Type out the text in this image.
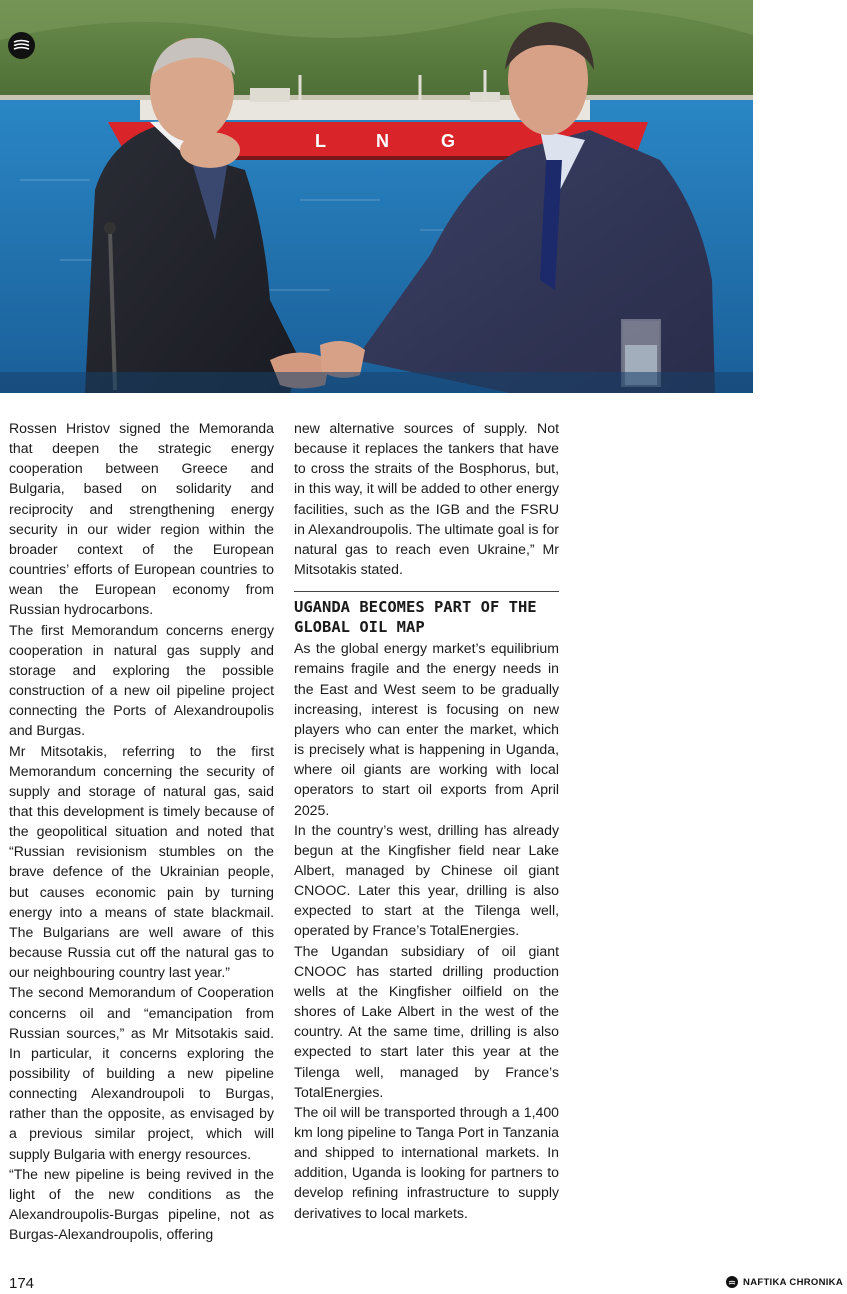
L	N	G

Rossen Hristov signed the Memoranda that deepen the strategic energy cooperation between Greece and Bulgaria, based on solidarity and reciprocity and strengthening energy security in our wider region within the broader context of the European countries’ efforts of European countries to wean the European economy from Russian hydrocarbons.

The first Memorandum concerns energy cooperation in natural gas supply and storage and exploring the possible construction of a new oil pipeline project connecting the Ports of Alexandroupolis and Burgas.

Mr Mitsotakis, referring to the first Memorandum concerning the security of supply and storage of natural gas, said that this development is timely because of the geopolitical situation and noted that “Russian revisionism stumbles on the brave defence of the Ukrainian people, but causes economic pain by turning energy into a means of state blackmail. The Bulgarians are well aware of this because Russia cut off the natural gas to our neighbouring country last year.”

The second Memorandum of Cooperation concerns oil and “emancipation from Russian sources,” as Mr Mitsotakis said. In particular, it concerns exploring the possibility of building a new pipeline connecting Alexandroupoli to Burgas, rather than the opposite, as envisaged by a previous similar project, which will supply Bulgaria with energy resources.

“The new pipeline is being revived in the light of the new conditions as the Alexandroupolis-Burgas pipeline, not as Burgas-Alexandroupolis, offering

new alternative sources of supply. Not because it replaces the tankers that have to cross the straits of the Bosphorus, but, in this way, it will be added to other energy facilities, such as the IGB and the FSRU in Alexandroupolis. The ultimate goal is for natural gas to reach even Ukraine,” Mr Mitsotakis stated.

UGANDA BECOMES PART OF THE GLOBAL OIL MAP

As the global energy market’s equilibrium remains fragile and the energy needs in the East and West seem to be gradually increasing, interest is focusing on new players who can enter the market, which is precisely what is happening in Uganda, where oil giants are working with local operators to start oil exports from April 2025.

In the country’s west, drilling has already begun at the Kingfisher field near Lake Albert, managed by Chinese oil giant CNOOC. Later this year, drilling is also expected to start at the Tilenga well, operated by France’s TotalEnergies.

The Ugandan subsidiary of oil giant CNOOC has started drilling production wells at the Kingfisher oilfield on the shores of Lake Albert in the west of the country. At the same time, drilling is also expected to start later this year at the Tilenga well, managed by France’s TotalEnergies.

The oil will be transported through a 1,400 km long pipeline to Tanga Port in Tanzania and shipped to international markets. In addition, Uganda is looking for partners to develop refining infrastructure to supply derivatives to local markets.

174	NAFTIKA CHRONIKA
